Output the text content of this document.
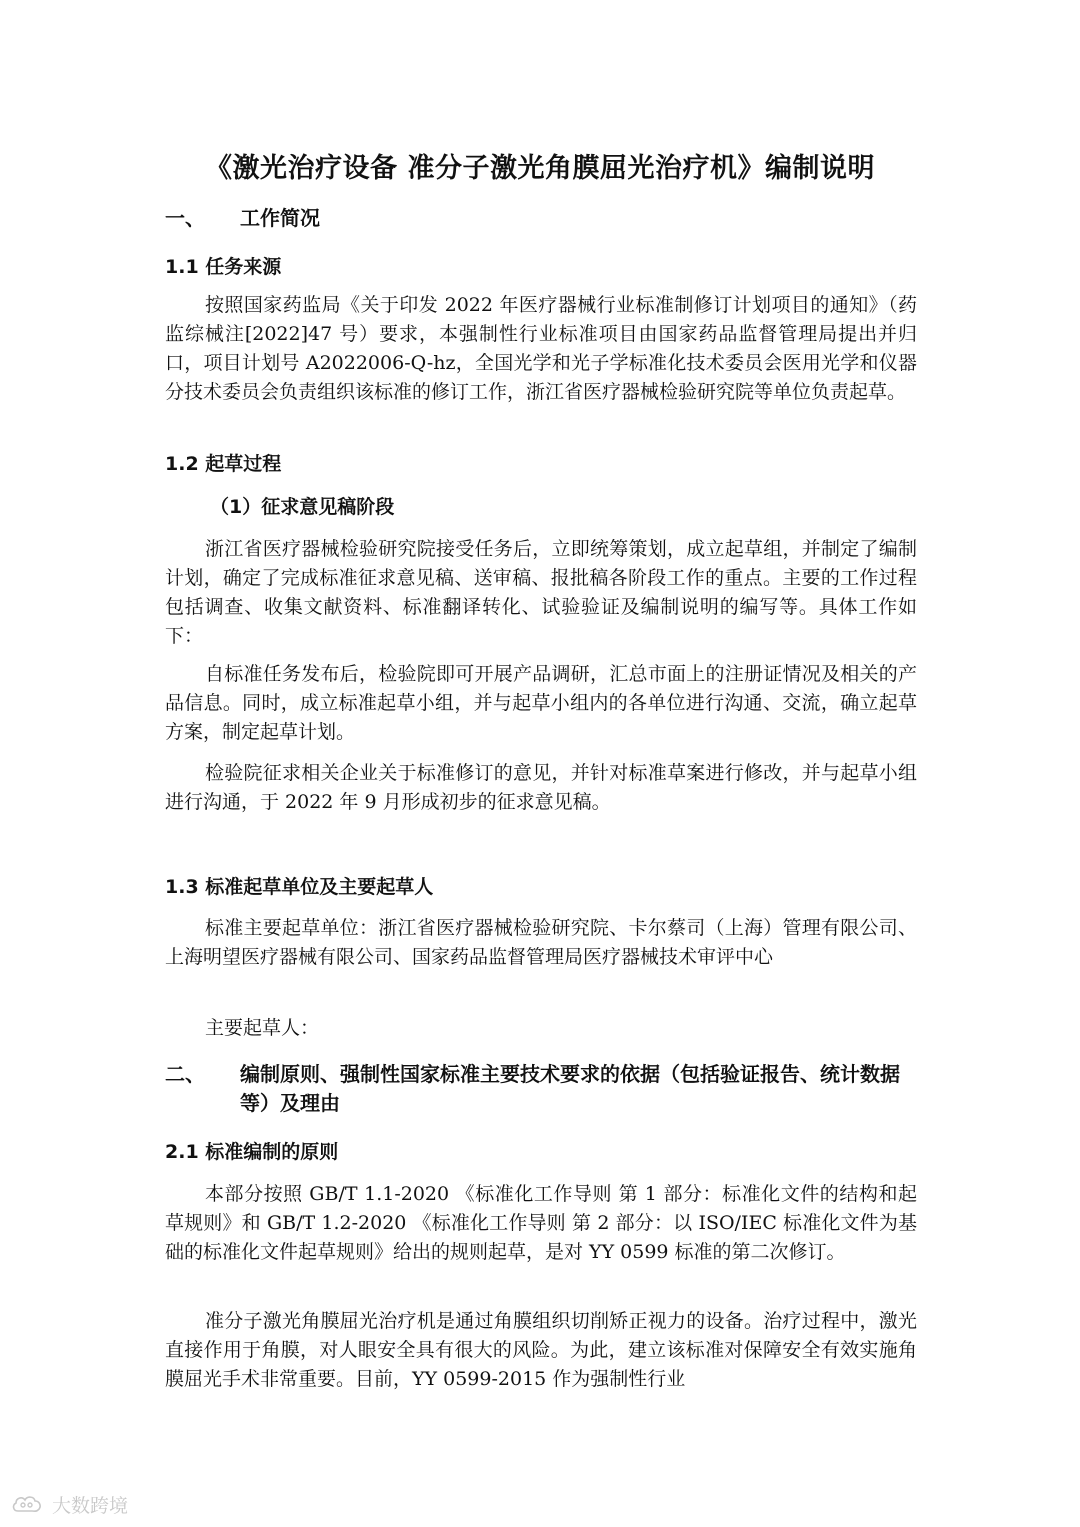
《激光治疗设备 准分子激光角膜屈光治疗机》编制说明
一、 工作简况
1.1 任务来源

按照国家药监局《关于印发 2022 年医疗器械行业标准制修订计划项目的通知》（药监综械注[2022]47 号）要求，本强制性行业标准项目由国家药品监督管理局提出并归口，项目计划号 A2022006-Q-hz，全国光学和光子学标准化技术委员会医用光学和仪器分技术委员会负责组织该标准的修订工作，浙江省医疗器械检验研究院等单位负责起草。

1.2 起草过程
（1）征求意见稿阶段

浙江省医疗器械检验研究院接受任务后，立即统筹策划，成立起草组，并制定了编制计划，确定了完成标准征求意见稿、送审稿、报批稿各阶段工作的重点。主要的工作过程包括调查、收集文献资料、标准翻译转化、试验验证及编制说明的编写等。具体工作如下：

自标准任务发布后，检验院即可开展产品调研，汇总市面上的注册证情况及相关的产品信息。同时，成立标准起草小组，并与起草小组内的各单位进行沟通、交流，确立起草方案，制定起草计划。

检验院征求相关企业关于标准修订的意见，并针对标准草案进行修改，并与起草小组进行沟通，于 2022 年 9 月形成初步的征求意见稿。

1.3 标准起草单位及主要起草人

标准主要起草单位：浙江省医疗器械检验研究院、卡尔蔡司（上海）管理有限公司、上海明望医疗器械有限公司、国家药品监督管理局医疗器械技术审评中心

主要起草人：

二、 编制原则、强制性国家标准主要技术要求的依据（包括验证报告、统计数据等）及理由
2.1 标准编制的原则

本部分按照 GB/T 1.1-2020 《标准化工作导则 第 1 部分：标准化文件的结构和起草规则》和 GB/T 1.2-2020 《标准化工作导则 第 2 部分：以 ISO/IEC 标准化文件为基础的标准化文件起草规则》给出的规则起草，是对 YY 0599 标准的第二次修订。

准分子激光角膜屈光治疗机是通过角膜组织切削矫正视力的设备。治疗过程中，激光直接作用于角膜，对人眼安全具有很大的风险。为此，建立该标准对保障安全有效实施角膜屈光手术非常重要。目前，YY 0599-2015 作为强制性行业

大数跨境
